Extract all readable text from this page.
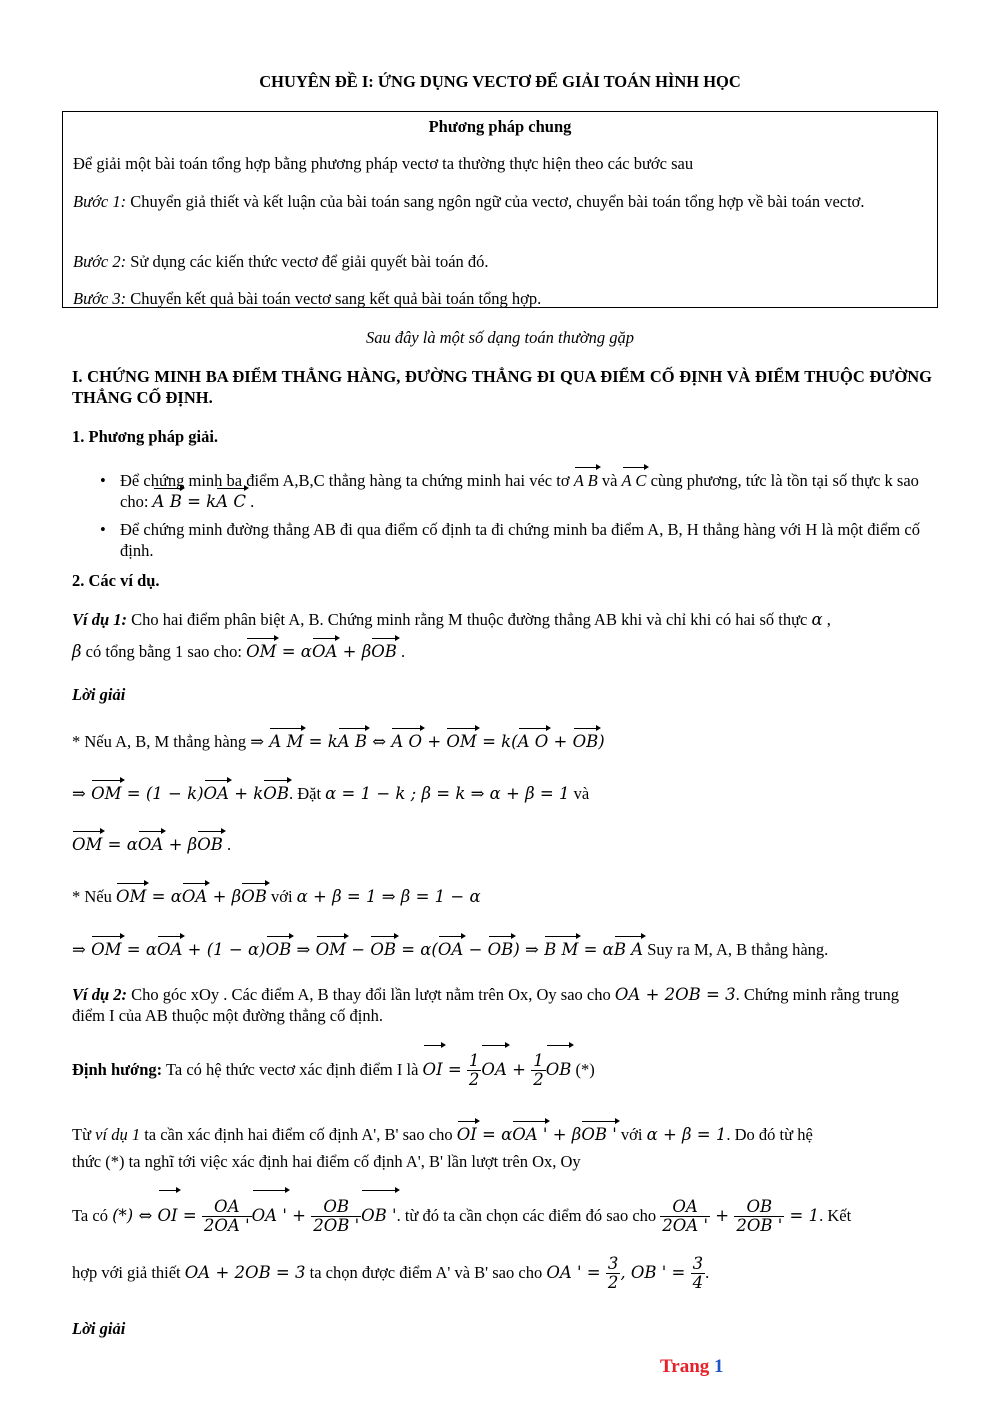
CHUYÊN ĐỀ I: ỨNG DỤNG VECTƠ ĐỂ GIẢI TOÁN HÌNH HỌC
Phương pháp chung

Để giải một bài toán tổng hợp bằng phương pháp vectơ ta thường thực hiện theo các bước sau

Bước 1: Chuyển giả thiết và kết luận của bài toán sang ngôn ngữ của vectơ, chuyển bài toán tổng hợp về bài toán vectơ.

Bước 2: Sử dụng các kiến thức vectơ để giải quyết bài toán đó.

Bước 3: Chuyển kết quả bài toán vectơ sang kết quả bài toán tổng hợp.

Sau đây là một số dạng toán thường gặp
I. CHỨNG MINH BA ĐIỂM THẲNG HÀNG, ĐƯỜNG THẲNG ĐI QUA ĐIỂM CỐ ĐỊNH VÀ ĐIỂM THUỘC ĐƯỜNG THẲNG CỐ ĐỊNH.
1. Phương pháp giải.
• Để chứng minh ba điểm A,B,C thẳng hàng ta chứng minh hai véc tơ A B và A C cùng phương, tức là tồn tại số thực k sao cho: A B = kA C .
• Để chứng minh đường thẳng AB đi qua điểm cố định ta đi chứng minh ba điểm A, B, H thẳng hàng với H là một điểm cố định.
2. Các ví dụ.
Ví dụ 1: Cho hai điểm phân biệt A, B. Chứng minh rằng M thuộc đường thẳng AB khi và chỉ khi có hai số thực α ,
β có tổng bằng 1 sao cho: OM = αOA + βOB .
Lời giải
* Nếu A, B, M thẳng hàng ⇒ A M = kA B ⇔ A O + OM = k(A O + OB)
⇒ OM = (1 − k)OA + kOB. Đặt α = 1 − k ; β = k ⇒ α + β = 1 và
OM = αOA + βOB .
* Nếu OM = αOA + βOB với α + β = 1 ⇒ β = 1 − α
⇒ OM = αOA + (1 − α)OB ⇒ OM − OB = α(OA − OB) ⇒ B M = αB A Suy ra M, A, B thẳng hàng.
Ví dụ 2: Cho góc xOy . Các điểm A, B thay đổi lần lượt nằm trên Ox, Oy sao cho OA + 2OB = 3. Chứng minh rằng trung điểm I của AB thuộc một đường thẳng cố định.
Định hướng: Ta có hệ thức vectơ xác định điểm I là OI = $\frac{1}{2}$ OA + $\frac{1}{2}$ OB (*)
Từ ví dụ 1 ta cần xác định hai điểm cố định A', B' sao cho OI = αOA ' + βOB ' với α + β = 1. Do đó từ hệ
thức (*) ta nghĩ tới việc xác định hai điểm cố định A', B' lần lượt trên Ox, Oy
Ta có (*) ⇔ OI = $\frac{OA}{2OA '}$ OA ' + $\frac{OB}{2OB '}$ OB '. từ đó ta cần chọn các điểm đó sao cho $\frac{OA}{2OA '} + \frac{OB}{2OB '} = 1$. Kết
hợp với giả thiết OA + 2OB = 3 ta chọn được điểm A' và B' sao cho OA ' = $\frac{3}{2}$ , OB ' = $\frac{3}{4}$ .
Lời giải
Trang 1
